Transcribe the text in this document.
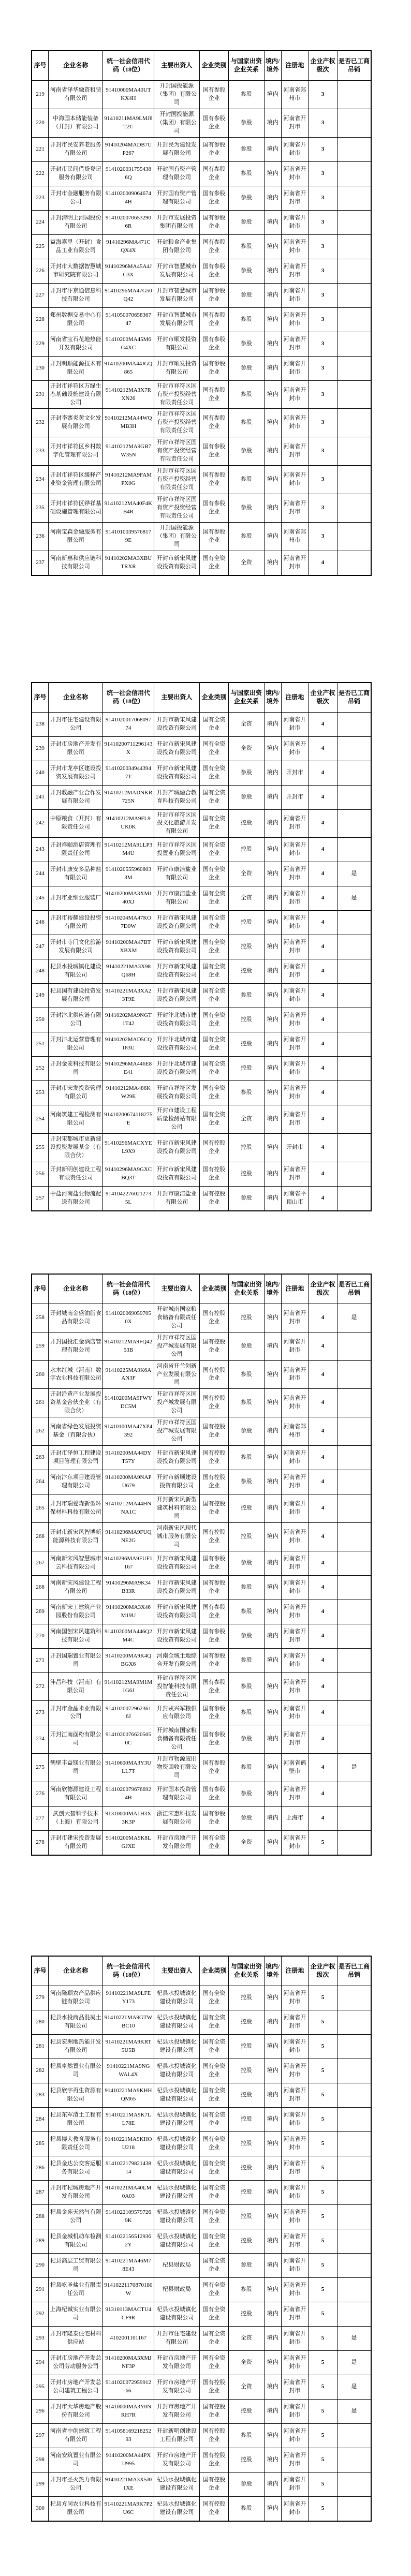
序号	企业名称	统一社会信用代码（18位）	主要出资人	企业类别	与国家出资企业关系	境内/境外	注册地	企业产权级次	是否已工商吊销
219	河南省泽华融资租赁有限公司	91410000MA40UTKX4H	开封国投能源（集团）有限公司	国有参股企业	参股	境内	河南省郑州市	3	
220	中海国本储能装备（开封）有限公司	91410211MA9LMJ8T2C	开封国投能源（集团）有限公司	国有参股企业	参股	境内	河南省开封市	3	
221	开封市民安养老服务有限公司	91410204MADB7UP267	开封民为建设发展有限公司	国有参股企业	参股	境内	河南省开封市	3	
222	开封市民间借贷登记服务有限公司	91410200317554386Q	开封国有资产管理有限公司	国有参股企业	参股	境内	河南省开封市	3	
223	开封市金融服务有限公司	91410200090646744H	开封国有资产管理有限公司	国有参股企业	参股	境内	河南省开封市	3	
224	开封清明上河园股份有限公司	91410200706532906R	开封市发展投资集团有限公司	国有参股企业	参股	境内	河南省开封市	3	
225	益海嘉里（开封）食品工业有限公司	91410296MA471CQX4X	开封粮食产业集团有限公司	国有参股企业	参股	境内	河南省开封市	3	
226	开封市大数据智慧城市研究院有限公司	91410296MA45A4JC3X	开封市智慧城市发展有限公司	国有参股企业	参股	境内	河南省开封市	3	
227	开封市汴京通信息科技有限公司	91410296MA47G50Q42	开封市智慧城市发展有限公司	国有参股企业	参股	境内	河南省开封市	3	
228	郑州数据交易中心有限公司	914105007065836747	开封市智慧城市发展有限公司	国有参股企业	参股	境内	河南省开封市	3	
229	河南省宝石花地热能开发有限公司	91410200MA45M6G4XC	开封市顺发投资有限公司	国有参股企业	参股	境内	河南省开封市	3	
230	开封明顺能源技术有限公司	91410200MA44JGQ865	开封市顺发投资有限公司	国有参股企业	参股	境内	河南省开封市	3	
231	开封市祥符区万绿生态基础设施建设有限公司	91410212MA3X7RXN26	开封市祥符区国有资产投资经营有限责任公司	国有参股企业	参股	境内	河南省开封市	3	
232	开封李寨炎黄文化发展有限公司	91410212MA44WQMB3H	开封市祥符区国有资产投资经营有限责任公司	国有参股企业	参股	境内	河南省开封市	3	
233	开封市祥符区乡村数字化管理有限公司	91410212MA9GB7W35N	开封市祥符区国有资产投资经营有限责任公司	国有参股企业	参股	境内	河南省开封市	3	
234	开封市祥符区缓释产业资金管理有限公司	91410212MA9FAMPX0G	开封市祥符区国有资产投资经营有限责任公司	国有参股企业	参股	境内	河南省开封市	3	
235	开封市祥符区铧祥基础设施管理有限公司	91410212MA40F4KB4R	开封市祥符区国有资产投资经营有限责任公司	国有参股企业	参股	境内	河南省开封市	3	
236	河南宝森金融服务有限公司	91410100395768179E	开封国投能源（集团）有限公司	国有参股企业	参股	境内	河南省郑州市	3	
237	河南新惠和供应链科技有限公司	91410202MA3XBUTRXR	开封市新宋风建设投资有限公司	国有全资企业	全资	境内	河南省开封市	4	
序号	企业名称	统一社会信用代码（18位）	主要出资人	企业类别	与国家出资企业关系	境内/境外	注册地	企业产权级次	是否已工商吊销
238	开封市住宅建设有限公司	914102001706809774	开封市新宋风建设投资有限公司	国有全资企业	全资	境内	河南省开封市	4	
239	开封市房地产开发有限公司	91410200711296143X	开封市新宋风建设投资有限公司	国有全资企业	全资	境内	河南省开封市	4	
240	开封市龙亭区建设投资发展有限公司	91410200349443947T	开封市新宋风建设投资有限公司	国有全资企业	参股	境内	开封市	4	
241	开封教融产业合作发展有限公司	91410212MADNKR725N	开封产城融合教育科技有限公司	国有全资企业	参股	境内	开封市	4	
242	中原粮食（开封）有限责任公司	91410212MA9FL9UK0K	开封市祥符区国投文化旅游开发有限公司	国有全资企业	控股	境内	河南省开封市	4	
243	开封祥颐酒店管理有限责任公司	91410212MA9LLP3M4U	开封市祥符区国投置业有限公司	国有全资企业	控股	境内	河南省开封市	4	
244	开封市康安多品种盐有限公司	91410205559608033M	开封市康洁盐业有限公司	国有全资企业	全资	境内	河南省开封市	4	是
245	开封市亚细亚服装厂	91410200MA3XMJ40XJ	开封市康洁盐业有限公司	国有全资企业	全资	境内	河南省开封市	4	是
246	开封市裕耀建设投资有限公司	91410204MA47KO7D0W	开封市新宋风建设投资有限公司	国有全资企业	控股	境内	河南省开封市	4	
247	开封市寺门文化旅游发展有限公司	91410200MA47BTXBXM	开封市新宋风建设投资有限公司	国有全资企业	控股	境内	河南省开封市	4	
248	杞县水投城镇化建设有限公司	91410221MA3X98Q68H	开封市新宋风建设投资有限公司	国有全资企业	控股	境内	河南省开封市	4	
249	杞县国有建设投资发展有限公司	91410221MA3XA23T9E	开封市新宋风建设投资有限公司	国有全资企业	参股	境内	河南省开封市	4	
250	开封汴北供应链有限公司	91410202MA9NGT1T42	开封汴北城市建设投资有限公司	国有全资企业	控股	境内	河南省开封市	4	
251	开封汴北运营管理有限公司	91410202MAD5CQ183U	开封汴北城市建设投资有限公司	国有全资企业	控股	境内	河南省开封市	4	
252	开封金麦科技有限公司	91410296MA446E8E41	开封汴北城市建设投资有限公司	国有全资企业	控股	境内	河南省开封市	4	
253	开封市宋发投资管理有限公司	91410212MA486KW29E	开封市祥符区发展投资有限公司	国有全资企业	参股	境内	河南省开封市	4	
254	河南筑建工程检测有限公司	91410200674118275E	开封市建设工程质量检测站有限公司	国有全资企业	全资	境内	河南省开封市	4	
255	开封宋都城市更新建设投资发展基金（有限合伙）	91410296MACXYEL9X9	开封市新宋风建设投资有限公司	国有控股企业	控股	境内	开封市	4	
256	开封新明创建设工程有限责任公司	91410296MA9GXCBQ3T	开封市新宋风建设投资有限公司	国有控股企业	控股	境内	河南省开封市	4	
257	中盐河南盐业物流配送有限公司	91410422760212735L	开封市康洁盐业有限公司	国有控股企业	参股	境内	河南省平顶山市	4	
序号	企业名称	统一社会信用代码（18位）	主要出资人	企业类别	与国家出资企业关系	境内/境外	注册地	企业产权级次	是否已工商吊销
258	开封城南金盛油脂食品有限公司	91410200690597050X	开封城南国家粮食储备有限责任公司	国有控股企业	控股	境内	河南省开封市	4	是
259	开封国投汇金酒店管理有限公司	91410212MA9FQ4253B	开封市祥符区国投产城发展有限公司	国有控股企业	参股	境内	河南省开封市	4	
260	水木红城（河南）数字农业科技有限公司	91410225MA9K6AAN3F	河南省开兰创新产业发展有限公司	国有控股企业	参股	境内	河南省开封市	4	
261	开封沿黄产业发展投资基金合伙企业（有限合伙）	91410200MA9FWYDC5M	开封市祥符区国投产城发展有限公司	国有控股企业	参股	境内	河南省开封市	4	
262	河南省绿色发展投资基金（有限合伙）	91410100MA47XP4392	开封市祥符区国投产城发展有限公司	国有控股企业	参股	境内	河南省郑州市	4	
263	开封市泽恒工程建设项目管理有限公司	91410200MA44DYT57Y	开封市新宋风建设投资有限公司	国有控股企业	参股	境内	河南省开封市	4	
264	河南汴东项目建设管理有限公司	91410200MA9NAPU679	开封市新顺建设投资有限公司	国有控股企业	参股	境内	河南省开封市	4	
265	开封市瑞爱森新型环保材料科技有限公司	91410212MA44HNNA1C	开封新宋风新型建筑材料有限公司	国有控股企业	控股	境内	河南省开封市	4	
266	开封市新宋风智博新能源科技有限公司	91410296MA9FUQNE2G	河南新宋风现代城市服务有限公司	国有控股企业	控股	境内	河南省开封市	4	
267	河南新宋风智慧城市云科技有限公司	91410296MA9FUF1167	开封市新宋风建设投资有限公司	国有参股企业	参股	境内	河南省开封市	4	
268	河南新宋风建设工程有限公司	91410296MA9K34B33R	开封市新宋风建设投资有限公司	国有参股企业	参股	境内	河南省开封市	4	
269	河南新宋工建筑产业园股份有限公司	91410200MA3X46M19U	开封市新宋风建设投资有限公司	国有参股企业	参股	境内	河南省开封市	4	
270	河南国创宋风建筑科技有限公司	91410200MA446Q2M4C	开封市新宋风建设投资有限公司	国有参股企业	参股	境内	河南省开封市	4	
271	开封国瑞置业有限公司	91410200MA9K4QBGX6	河南全域土地综合开发有限公司	国有参股企业	参股	境内	河南省开封市	4	
272	沣昌科技（河南）有限公司	91410212MA9M1M1G6J	开封市祥符区国投智能科技有限责任公司	国有参股企业	参股	境内	河南省开封市	4	
273	开封市金晶米业有限公司	91410200729623616J	开封戎兴军粮供应有限公司	国有参股企业	参股	境内	河南省开封市	4	
274	开封江南面粉有限公司	91410200766205050C	开封城南国家粮食储备有限责任公司	国有参股企业	参股	境内	河南省开封市	4	
275	鹤壁丰益镁业有限公司	91410600MA3Y3ULL7T	开封市物源废旧物资回收有限公司	国有参股企业	参股	境内	河南省鹤壁市	4	是
276	河南欣德源建设工程有限公司	91410200796766924H	开封国本投资管理有限公司	国有参股企业	参股	境内	河南省开封市	4	
277	武创大智科学技术（上海）有限公司	91310000MA1H3X3K3P	浙江宋惠科技发展有限公司	国有参股企业	参股	境内	上海市	4	
278	开封市建宋投资发展有限公司	91410200MA9K8LGJXE	开封市房地产开发有限公司	国有全资企业	全资	境内	河南省开封市	5	
序号	企业名称	统一社会信用代码（18位）	主要出资人	企业类别	与国家出资企业关系	境内/境外	注册地	企业产权级次	是否已工商吊销
279	河南隆顺农产品供应链有限公司	91410221MA9LFEY173	杞县水投城镇化建设有限公司	国有全资企业	控股	境内	河南省开封市	5	
280	杞县水投商品混凝土有限公司	91410221MA9GTWBC10	杞县水投城镇化建设有限公司	国有全资企业	控股	境内	河南省开封市	5	
281	杞县宏洲地热能开发有限公司	91410221MA9KRT5U5B	杞县水投城镇化建设有限公司	国有全资企业	控股	境内	河南省开封市	5	
282	杞县卓然置业有限公司	91410221MA9NGWAL4X	杞县水投城镇化建设有限公司	国有全资企业	控股	境内	河南省开封市	5	
283	杞县欣宇再生资源有限公司	91410221MA9KHHQM65	杞县水投城镇化建设有限公司	国有全资企业	控股	境内	河南省开封市	5	
284	杞县东军渣土工程有限公司	91410221MA9K7LL78E	杞县水投城镇化建设有限公司	国有全资企业	控股	境内	河南省开封市	5	
285	杞县博大教育服务有限责任公司	91410221MA9KHOU218	杞县水投城镇化建设有限公司	国有全资企业	控股	境内	河南省开封市	5	
286	杞县金达公交客运服务有限公司	914102217982143814	杞县水投城镇化建设有限公司	国有全资企业	控股	境内	河南省开封市	5	
287	开封市杞城房地产开发有限公司	91410221MA40LM0A03	杞县水投城镇化建设有限公司	国有全资企业	控股	境内	河南省开封市	5	
288	杞县金苑天然气有限公司	91410221095797269K	杞县水投城镇化建设有限公司	国有全资企业	控股	境内	河南省开封市	5	
289	杞县金城机动车检测有限公司	91410221565129362Y	杞县水投城镇化建设有限公司	国有全资企业	控股	境内	河南省开封市	5	
290	杞县高层工贸有限公司	91410221MA46M78E43	杞县财政局	国有全资企业	参股	境内	河南省开封市	5	
291	杞县屹圣盐业有限责任公司	91410221170870180W	杞县财政局	国有全资企业	参股	境内	河南省开封市	5	
292	上海杞诚实业有限公司	91310113MACTU4CF9R	杞县水投城镇化建设有限公司	国有全资企业	控股	境内	河南省开封市	5	
293	开封市隆泰住宅材料供应站	4102001101167	开封市住宅建设有限公司	国有全资企业	全资	境内	河南省开封市	5	是
294	开封市房地产开发总公司劳动服务公司	91410200MA3XMJNF3P	开封市房地产开发有限公司	国有全资企业	全资	境内	河南省开封市	5	是
295	开封市房地产开发总公司建筑工程公司	914102007295991266	开封市房地产开发有限公司	国有控股企业	全资	境内	河南省开封市	5	是
296	开封市大华房地产股份有限公司	91410000MA3Y0NRH7R	开封市房地产开发有限公司	国有控股企业	控股	境内	河南省开封市	5	是
297	河南省中创建筑工程有限公司	914105816921825293	开封新明创建设工程有限公司	国有控股企业	参股	境内	河南省开封市	5	
298	河南安筑置业有限公司	91410200MA44PXU995	开封市房地产开发有限公司	国有控股企业	控股	境内	河南省开封市	5	
299	开封市圣火热力有限公司	91410221MA3X5J01XE	杞县水投城镇化建设有限公司	国有控股企业	参股	境内	河南省开封市	5	
300	杞县方同农业科技有限公司	91410221MA9K7P2U6C	杞县水投城镇化建设有限公司	国有控股企业	参股	境内	河南省开封市	5	
